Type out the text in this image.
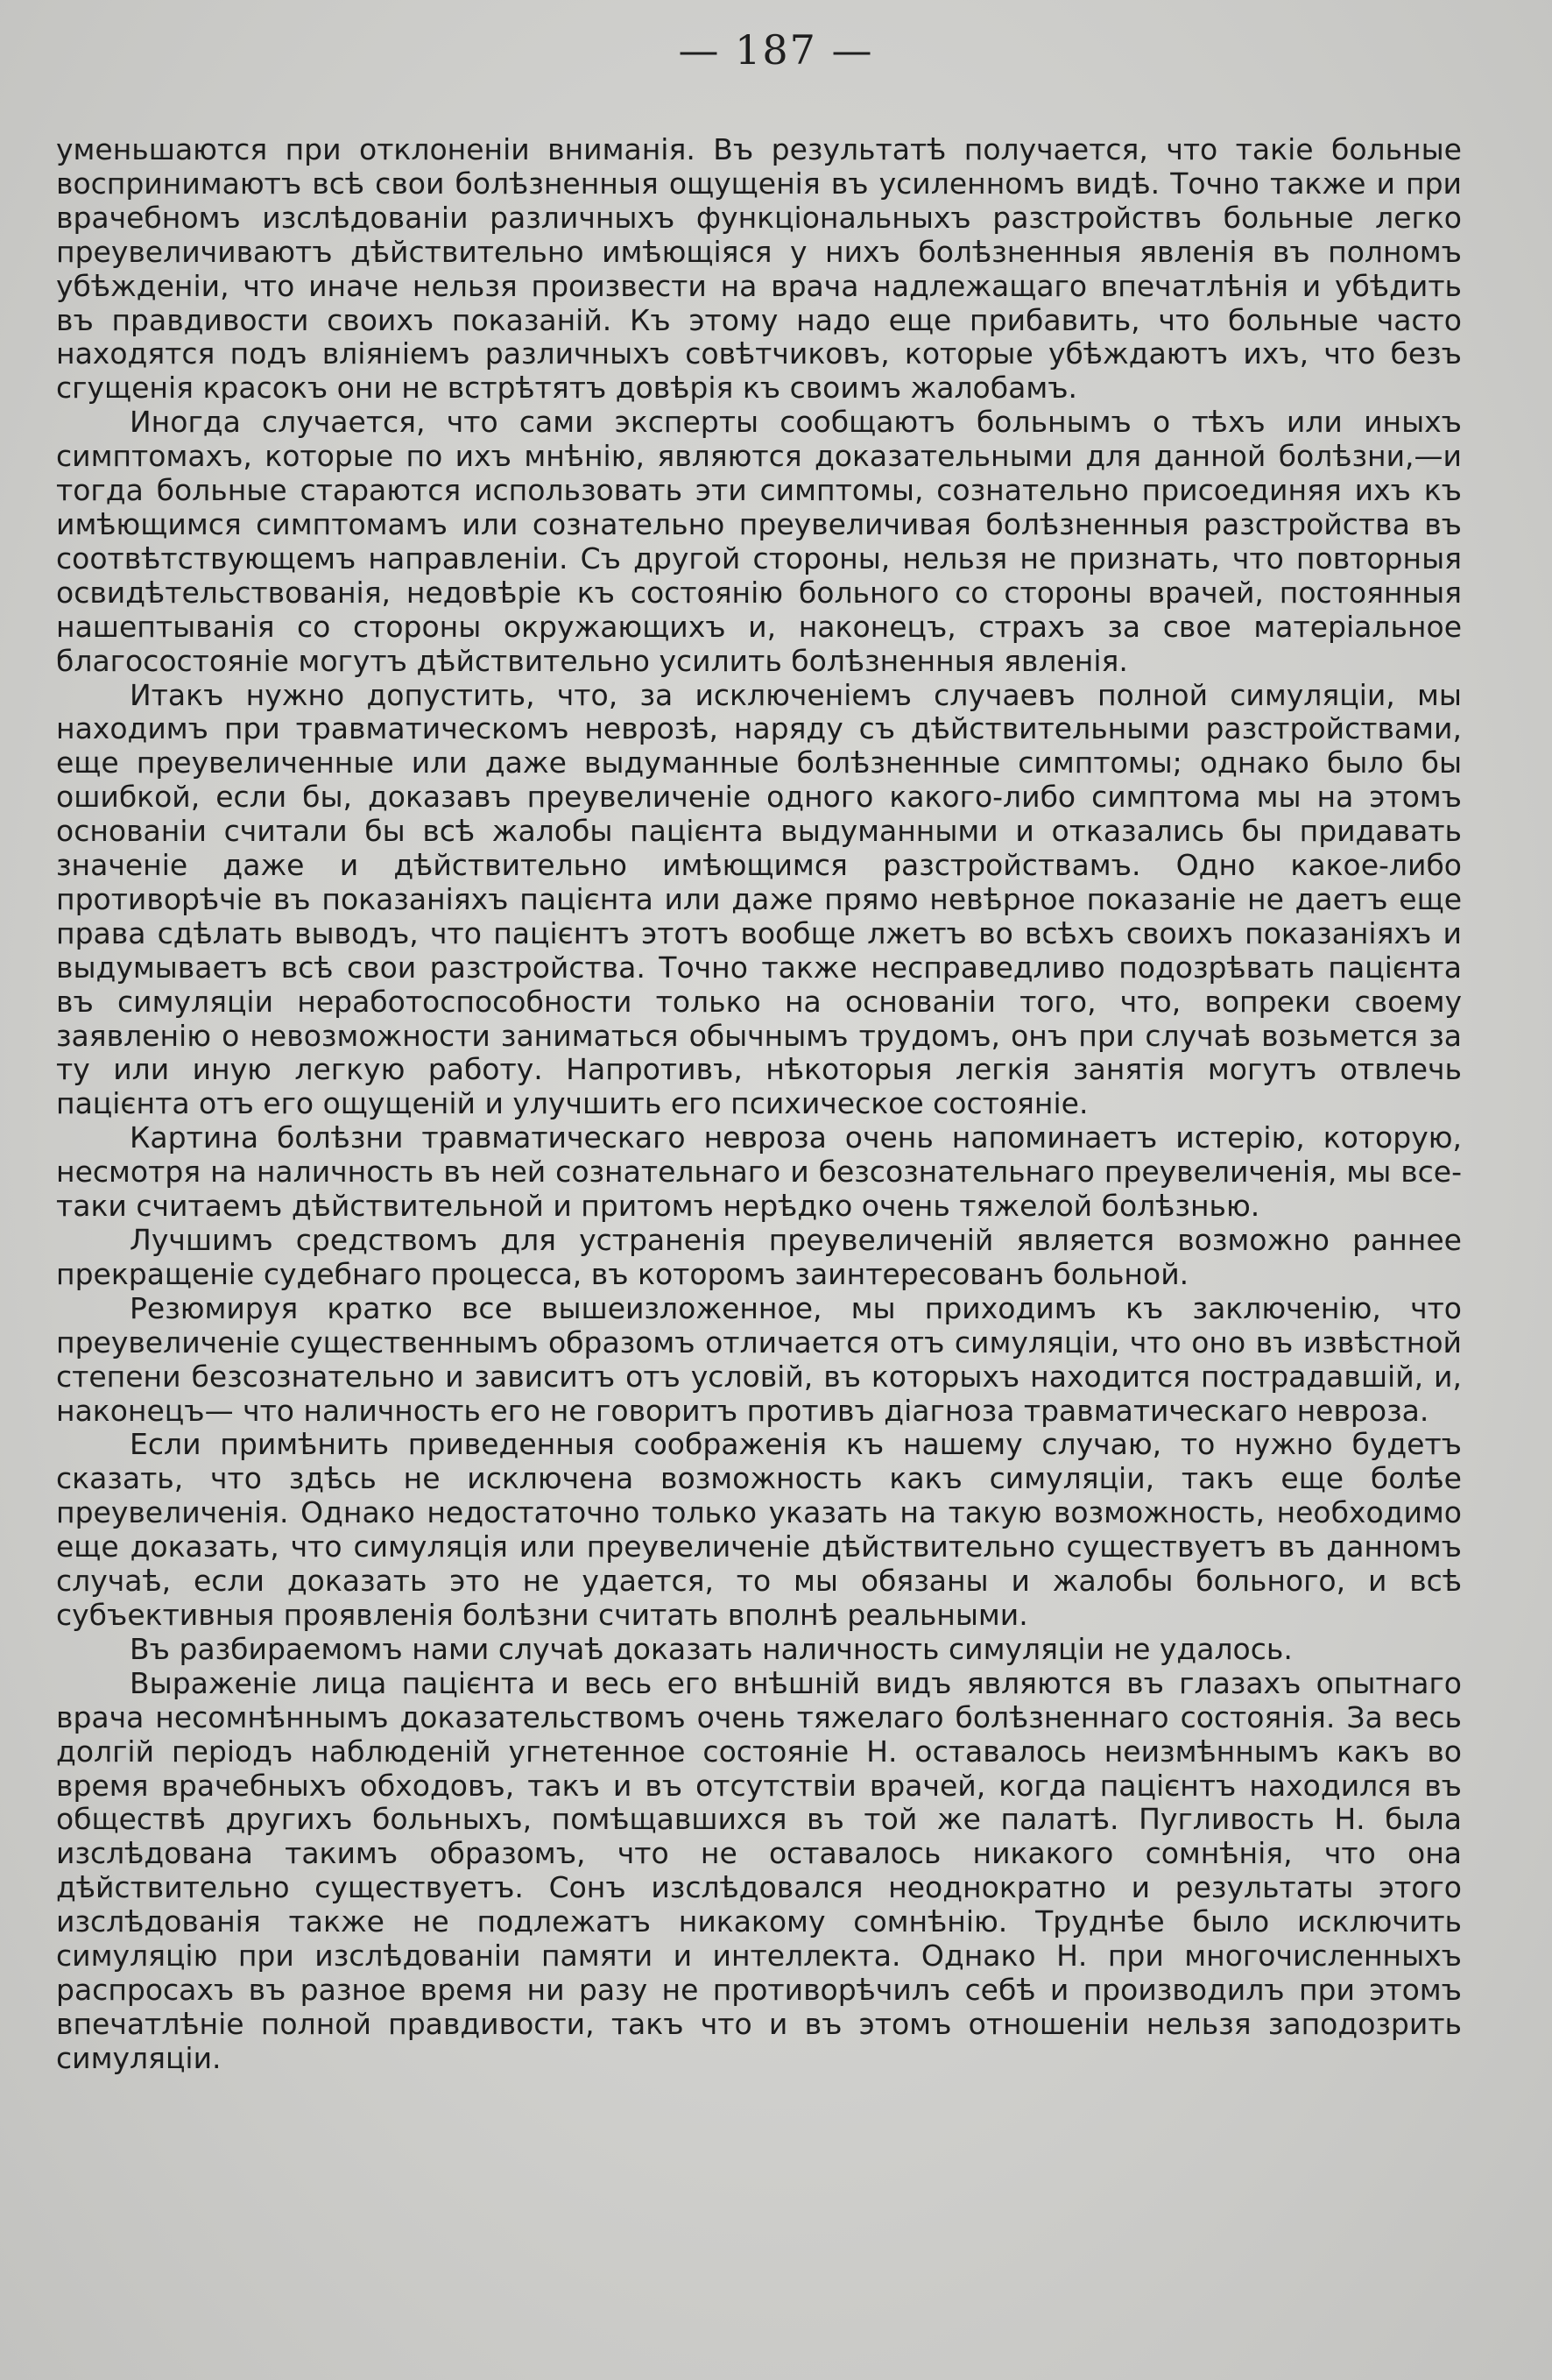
— 187 —

уменьшаются при отклоненіи вниманія. Въ результатѣ получается, что такіе больные воспринимаютъ всѣ свои болѣзненныя ощущенія въ усиленномъ видѣ. Точно также и при врачебномъ изслѣдованіи различныхъ функціональныхъ разстройствъ больные легко преувеличиваютъ дѣйствительно имѣющіяся у нихъ болѣзненныя явленія въ полномъ убѣжденіи, что иначе нельзя произвести на врача надлежащаго впечатлѣнія и убѣдить въ правдивости своихъ показаній. Къ этому надо еще прибавить, что больные часто находятся подъ вліяніемъ различныхъ совѣтчиковъ, которые убѣждаютъ ихъ, что безъ сгущенія красокъ они не встрѣтятъ довѣрія къ своимъ жалобамъ.

Иногда случается, что сами эксперты сообщаютъ больнымъ о тѣхъ или иныхъ симптомахъ, которые по ихъ мнѣнію, являются доказательными для данной болѣзни,—и тогда больные стараются использовать эти симптомы, сознательно присоединяя ихъ къ имѣющимся симптомамъ или сознательно преувеличивая болѣзненныя разстройства въ соотвѣтствующемъ направленіи. Съ другой стороны, нельзя не признать, что повторныя освидѣтельствованія, недовѣріе къ состоянію больного со стороны врачей, постоянныя нашептыванія со стороны окружающихъ и, наконецъ, страхъ за свое матеріальное благосостояніе могутъ дѣйствительно усилить болѣзненныя явленія.

Итакъ нужно допустить, что, за исключеніемъ случаевъ полной симуляціи, мы находимъ при травматическомъ неврозѣ, наряду съ дѣйствительными разстройствами, еще преувеличенные или даже выдуманные болѣзненные симптомы; однако было бы ошибкой, если бы, доказавъ преувеличеніе одного какого-либо симптома мы на этомъ основаніи считали бы всѣ жалобы пацієнта выдуманными и отказались бы придавать значеніе даже и дѣйствительно имѣющимся разстройствамъ. Одно какое-либо противорѣчіе въ показаніяхъ пацієнта или даже прямо невѣрное показаніе не даетъ еще права сдѣлать выводъ, что пацієнтъ этотъ вообще лжетъ во всѣхъ своихъ показаніяхъ и выдумываетъ всѣ свои разстройства. Точно также несправедливо подозрѣвать пацієнта въ симуляціи неработоспособности только на основаніи того, что, вопреки своему заявленію о невозможности заниматься обычнымъ трудомъ, онъ при случаѣ возьмется за ту или иную легкую работу. Напротивъ, нѣкоторыя легкія занятія могутъ отвлечь пацієнта отъ его ощущеній и улучшить его психическое состояніе.

Картина болѣзни травматическаго невроза очень напоминаетъ истерію, которую, несмотря на наличность въ ней сознательнаго и безсознательнаго преувеличенія, мы все-таки считаемъ дѣйствительной и притомъ нерѣдко очень тяжелой болѣзнью.

Лучшимъ средствомъ для устраненія преувеличеній является возможно раннее прекращеніе судебнаго процесса, въ которомъ заинтересованъ больной.

Резюмируя кратко все вышеизложенное, мы приходимъ къ заключенію, что преувеличеніе существеннымъ образомъ отличается отъ симуляціи, что оно въ извѣстной степени безсознательно и зависитъ отъ условій, въ которыхъ находится пострадавшій, и, наконецъ— что наличность его не говоритъ противъ діагноза травматическаго невроза.

Если примѣнить приведенныя соображенія къ нашему случаю, то нужно будетъ сказать, что здѣсь не исключена возможность какъ симуляціи, такъ еще болѣе преувеличенія. Однако недостаточно только указать на такую возможность, необходимо еще доказать, что симуляція или преувеличеніе дѣйствительно существуетъ въ данномъ случаѣ, если доказать это не удается, то мы обязаны и жалобы больного, и всѣ субъективныя проявленія болѣзни считать вполнѣ реальными.

Въ разбираемомъ нами случаѣ доказать наличность симуляціи не удалось.

Выраженіе лица пацієнта и весь его внѣшній видъ являются въ глазахъ опытнаго врача несомнѣннымъ доказательствомъ очень тяжелаго болѣзненнаго состоянія. За весь долгій періодъ наблюденій угнетенное состояніе Н. оставалось неизмѣннымъ какъ во время врачебныхъ обходовъ, такъ и въ отсутствіи врачей, когда пацієнтъ находился въ обществѣ другихъ больныхъ, помѣщавшихся въ той же палатѣ. Пугливость Н. была изслѣдована такимъ образомъ, что не оставалось никакого сомнѣнія, что она дѣйствительно существуетъ. Сонъ изслѣдовался неоднократно и результаты этого изслѣдованія также не подлежатъ никакому сомнѣнію. Труднѣе было исключить симуляцію при изслѣдованіи памяти и интеллекта. Однако Н. при многочисленныхъ распросахъ въ разное время ни разу не противорѣчилъ себѣ и производилъ при этомъ впечатлѣніе полной правдивости, такъ что и въ этомъ отношеніи нельзя заподозрить симуляціи.
